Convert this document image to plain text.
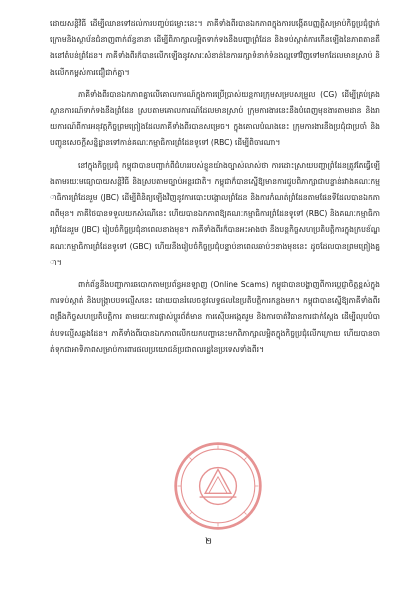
ដោយសន្តិវិធី ដើម្បីឈានទៅដល់ការបញ្ចប់ជម្លោះនេះ។ ភាគីទាំងពីរបានឯកភាពក្នុងការបង្កើតបញ្ញត្តិសម្រាប់កិច្ចប្រជុំថ្នាក់ក្រោមនិងស្ថាប័នជំនាញពាក់ព័ន្ធនានា ដើម្បីពិភាក្សាលម្អិតទាក់ទងនឹងបញ្ហាព្រំដែន និងទប់ស្កាត់ការកើនឡើងនៃភាពតានតឹងនៅតំបន់ព្រំដែន។ ភាគីទាំងពីរក៏បានលើកឡើងនូវសារៈសំខាន់នៃការរក្សាទំនាក់ទំនងល្អទៅវិញទៅមកដែលមានស្រាប់ និងលើកកម្ពស់ការជឿជាក់គ្នា។

ភាគីទាំងពីរបានឯកភាពគ្នាលើគោលការណ៍ក្នុងការប្រើប្រាស់យន្តការក្រុមសម្របសម្រួល (CG) ដើម្បីគ្រប់គ្រងស្ថានការណ៍ទាក់ទងនឹងព្រំដែន ស្របតាមគោលការណ៍ដែលមានស្រាប់ ក្រុមការងារនេះនឹងបំពេញមុខងារតាមដាន និងរាយការណ៍ពីការអនុវត្តកិច្ចព្រមព្រៀងដែលភាគីទាំងពីរបានសម្រេច។ ក្នុងគោលបំណងនេះ ក្រុមការងារនឹងប្រជុំជាប្រចាំ និងបញ្ជូនសេចក្ដីសន្និដ្ឋានទៅកាន់គណៈកម្មាធិការព្រំដែនទូទៅ (RBC) ដើម្បីពិចារណា។

នៅក្នុងកិច្ចប្រជុំ កម្ពុជាបានបញ្ជាក់ពីជំហររបស់ខ្លួនយ៉ាងច្បាស់លាស់ថា ការដោះស្រាយបញ្ហាព្រំដែនត្រូវតែធ្វើឡើងតាមរយៈមធ្យោបាយសន្តិវិធី និងស្របតាមច្បាប់អន្តរជាតិ។ កម្ពុជាក៏បានស្នើឱ្យមានការជួបពិភាក្សាជាបន្ទាន់រវាងគណៈកម្មាធិការព្រំដែនរួម (JBC) ដើម្បីពិនិត្យឡើងវិញនូវការបោះបង្គោលព្រំដែន និងការកំណត់ព្រំដែនតាមផែនទីដែលបានឯកភាពពីមុន។ ភាគីថៃបានទទួលយកសំណើនេះ ហើយបានឯកភាពឱ្យគណៈកម្មាធិការព្រំដែនទូទៅ (RBC) និងគណៈកម្មាធិការព្រំដែនរួម (JBC) រៀបចំកិច្ចប្រជុំនាពេលខាងមុខ។ ភាគីទាំងពីរក៏បានអះអាងថា នឹងបន្តកិច្ចសហប្រតិបត្តិការក្នុងក្របខ័ណ្ឌគណៈកម្មាធិការព្រំដែនទូទៅ (GBC) ហើយនឹងរៀបចំកិច្ចប្រជុំបន្ទាប់នាពេលឆាប់ៗខាងមុខនេះ ដូចដែលបានព្រមព្រៀងគ្នា។

ពាក់ព័ន្ធនឹងបញ្ហាការឆបោកតាមប្រព័ន្ធអនឡាញ (Online Scams) កម្ពុជាបានបង្ហាញពីការប្តេជ្ញាចិត្តខ្ពស់ក្នុងការទប់ស្កាត់ និងបង្ក្រាបបទល្មើសនេះ ដោយបានរំលេចនូវលទ្ធផលនៃប្រតិបត្តិការកន្លងមក។ កម្ពុជាបានស្នើឱ្យភាគីទាំងពីរពង្រឹងកិច្ចសហប្រតិបត្តិការ តាមរយៈការផ្លាស់ប្ដូរព័ត៌មាន ការស៊ើបអង្កេតរួម និងការចាត់វិធានការជាក់ស្តែង ដើម្បីលុបបំបាត់បទល្មើសឆ្លងដែន។ ភាគីទាំងពីរបានឯកភាពលើកយកបញ្ហានេះមកពិភាក្សាលម្អិតក្នុងកិច្ចប្រជុំលើកក្រោយ ហើយបានចាត់ទុកជាអាទិភាពសម្រាប់ការពារផលប្រយោជន៍ប្រជាពលរដ្ឋនៃប្រទេសទាំងពីរ។

២
